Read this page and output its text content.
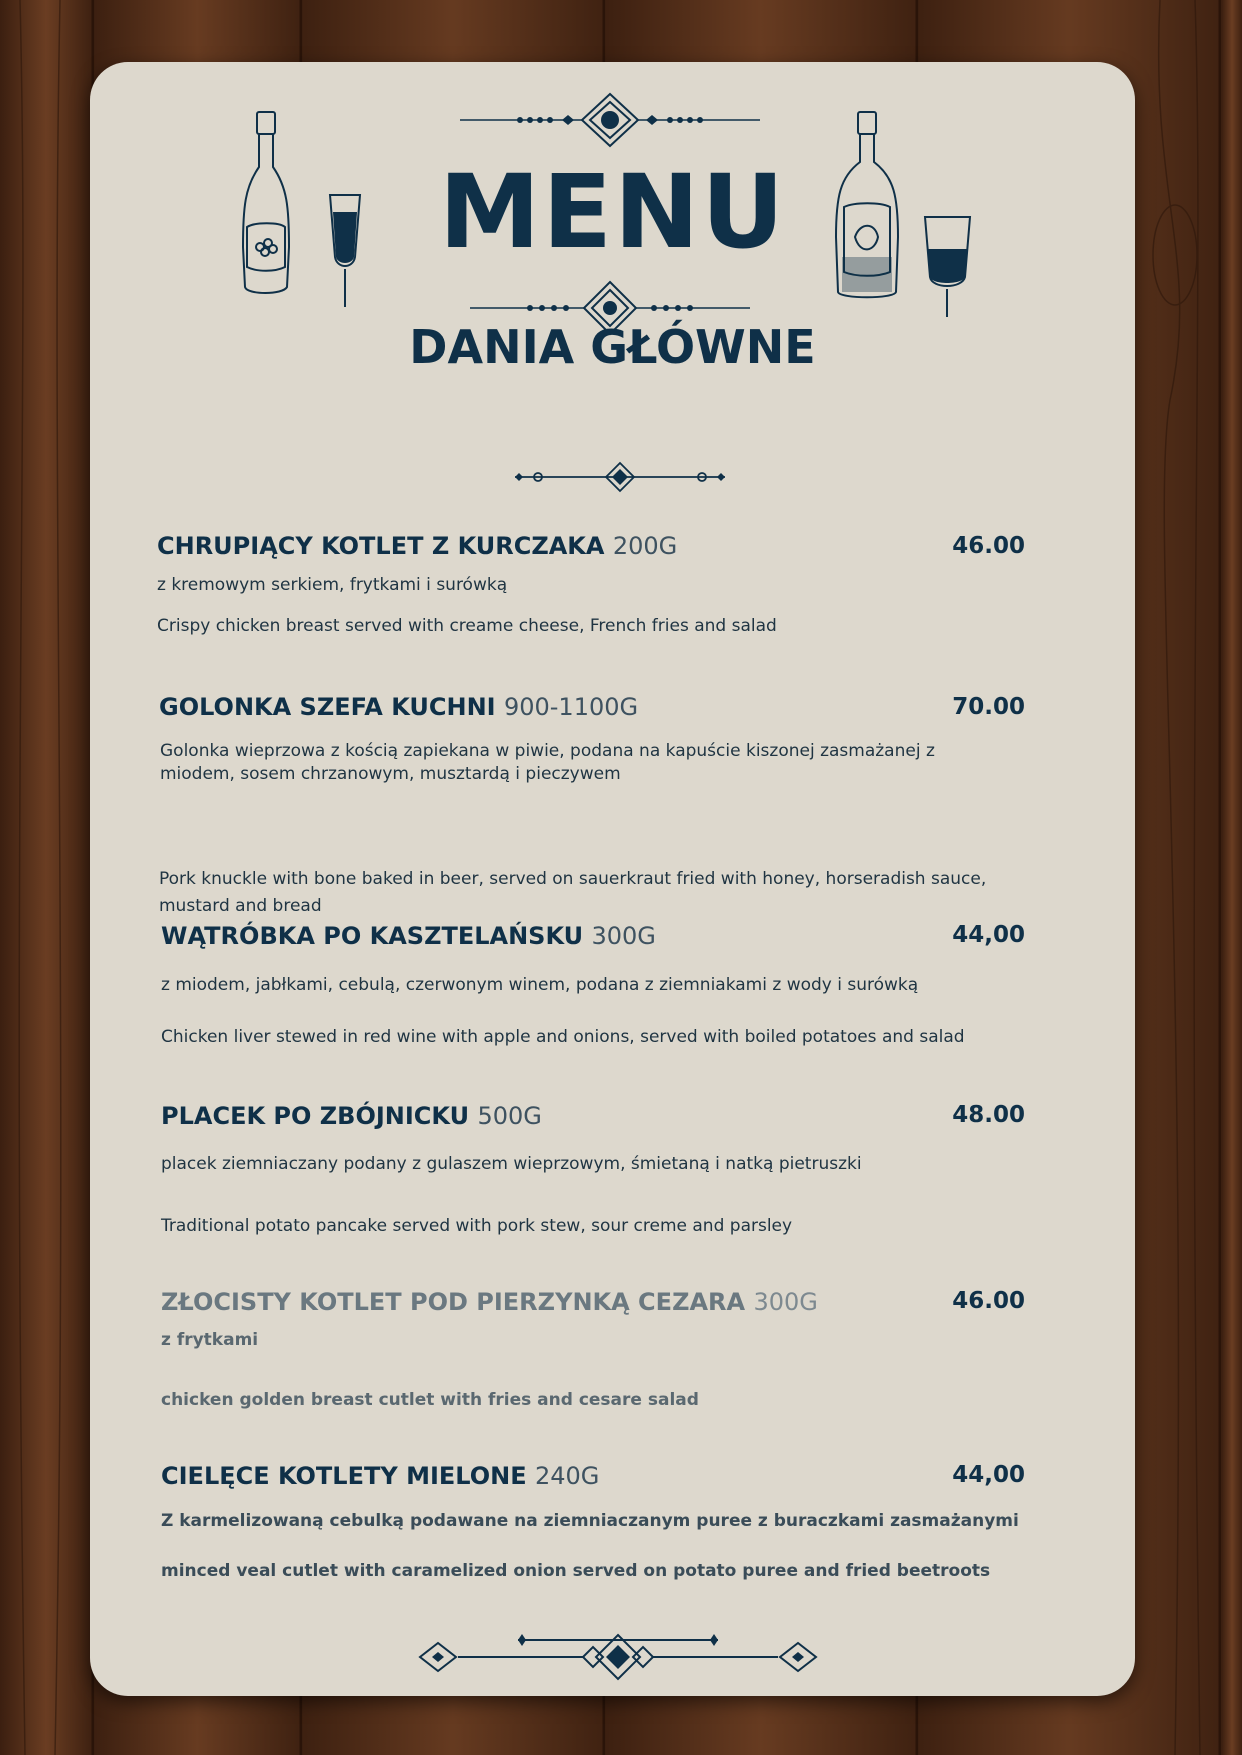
MENU
DANIA GŁÓWNE

CHRUPIĄCY KOTLET Z KURCZAKA 200G	46.00

z kremowym serkiem, frytkami i surówką

Crispy chicken breast served with creame cheese, French fries and salad

GOLONKA SZEFA KUCHNI 900-1100G	70.00

Golonka wieprzowa z kością zapiekana w piwie, podana na kapuście kiszonej zasmażanej z miodem, sosem chrzanowym, musztardą i pieczywem

Pork knuckle with bone baked in beer, served on sauerkraut fried with honey, horseradish sauce, mustard and bread

WĄTRÓBKA PO KASZTELAŃSKU 300G	44,00

z miodem, jabłkami, cebulą, czerwonym winem, podana z ziemniakami z wody i surówką

Chicken liver stewed in red wine with apple and onions, served with boiled potatoes and salad

PLACEK PO ZBÓJNICKU 500G	48.00

placek ziemniaczany podany z gulaszem wieprzowym, śmietaną i natką pietruszki

Traditional potato pancake served with pork stew, sour creme and parsley

ZŁOCISTY KOTLET POD PIERZYNKĄ CEZARA 300G	46.00

z frytkami

chicken golden breast cutlet with fries and cesare salad

CIELĘCE KOTLETY MIELONE 240G	44,00

Z karmelizowaną cebulką podawane na ziemniaczanym puree z buraczkami zasmażanymi

minced veal cutlet with caramelized onion served on potato puree and fried beetroots
